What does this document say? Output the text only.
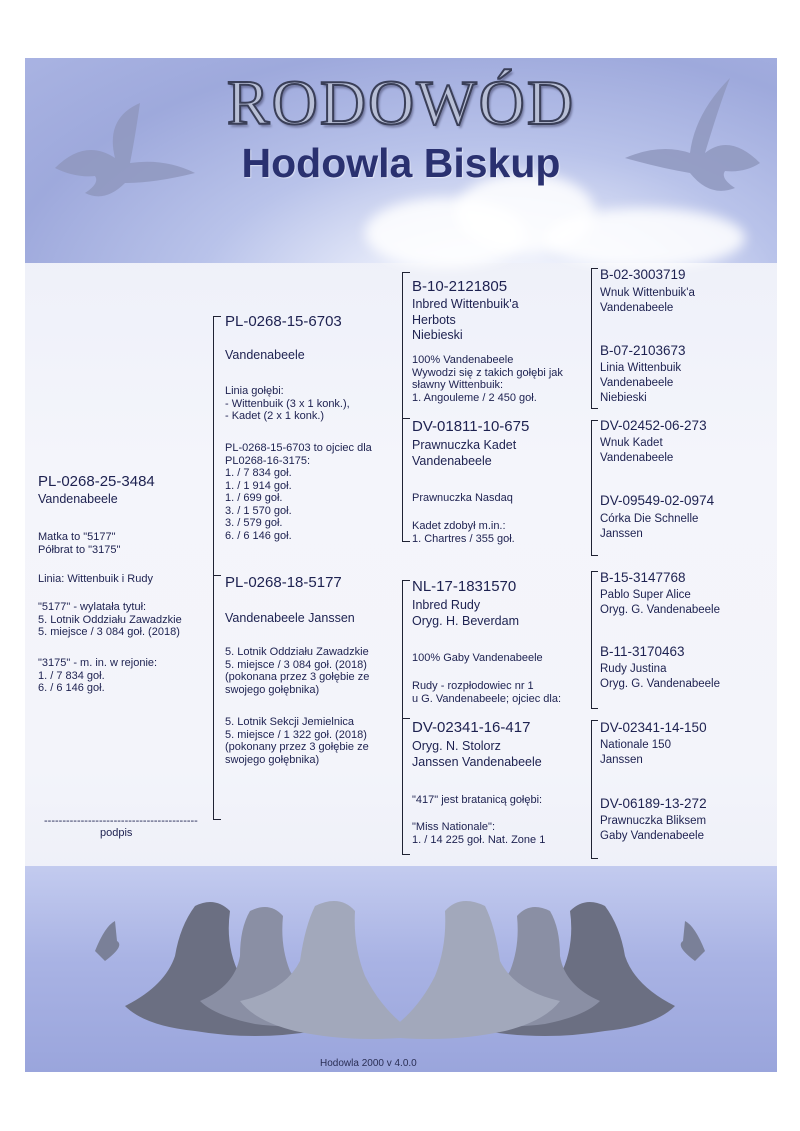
RODOWÓD
Hodowla Biskup
PL-0268-25-3484
Vandenabeele
Matka to "5177"
Półbrat to "3175"
Linia: Wittenbuik i Rudy
"5177" - wylatała tytuł:
5. Lotnik Oddziału Zawadzkie
5. miejsce / 3 084 goł. (2018)
"3175" - m. in. w rejonie:
1. / 7 834 goł.
6. / 6 146 goł.
------------------------------------------
podpis
PL-0268-15-6703
Vandenabeele
Linia gołębi:
- Wittenbuik (3 x 1 konk.),
- Kadet (2 x 1 konk.)
PL-0268-15-6703 to ojciec dla
PL0268-16-3175:
1. / 7 834 goł.
1. / 1 914 goł.
1. / 699 goł.
3. / 1 570 goł.
3. / 579 goł.
6. / 6 146 goł.
PL-0268-18-5177
Vandenabeele Janssen
5. Lotnik Oddziału Zawadzkie
5. miejsce / 3 084 goł. (2018)
(pokonana przez 3 gołębie ze
swojego gołębnika)
5. Lotnik Sekcji Jemielnica
5. miejsce / 1 322 goł. (2018)
(pokonany przez 3 gołębie ze
swojego gołębnika)
B-10-2121805
Inbred Wittenbuik'a
Herbots
Niebieski
100% Vandenabeele
Wywodzi się z takich gołębi jak
sławny Wittenbuik:
1. Angouleme / 2 450 goł.
DV-01811-10-675
Prawnuczka Kadet
Vandenabeele
Prawnuczka Nasdaq
Kadet zdobył m.in.:
1. Chartres / 355 goł.
NL-17-1831570
Inbred Rudy
Oryg. H. Beverdam
100% Gaby Vandenabeele
Rudy - rozpłodowiec nr 1
u G. Vandenabeele; ojciec dla:
DV-02341-16-417
Oryg. N. Stolorz
Janssen Vandenabeele
"417" jest bratanicą gołębi:
"Miss Nationale":
1. / 14 225 goł. Nat. Zone 1
B-02-3003719
Wnuk Wittenbuik'a
Vandenabeele
B-07-2103673
Linia Wittenbuik
Vandenabeele
Niebieski
DV-02452-06-273
Wnuk Kadet
Vandenabeele
DV-09549-02-0974
Córka Die Schnelle
Janssen
B-15-3147768
Pablo Super Alice
Oryg. G. Vandenabeele
B-11-3170463
Rudy Justina
Oryg. G. Vandenabeele
DV-02341-14-150
Nationale 150
Janssen
DV-06189-13-272
Prawnuczka Bliksem
Gaby Vandenabeele
Hodowla 2000 v 4.0.0
